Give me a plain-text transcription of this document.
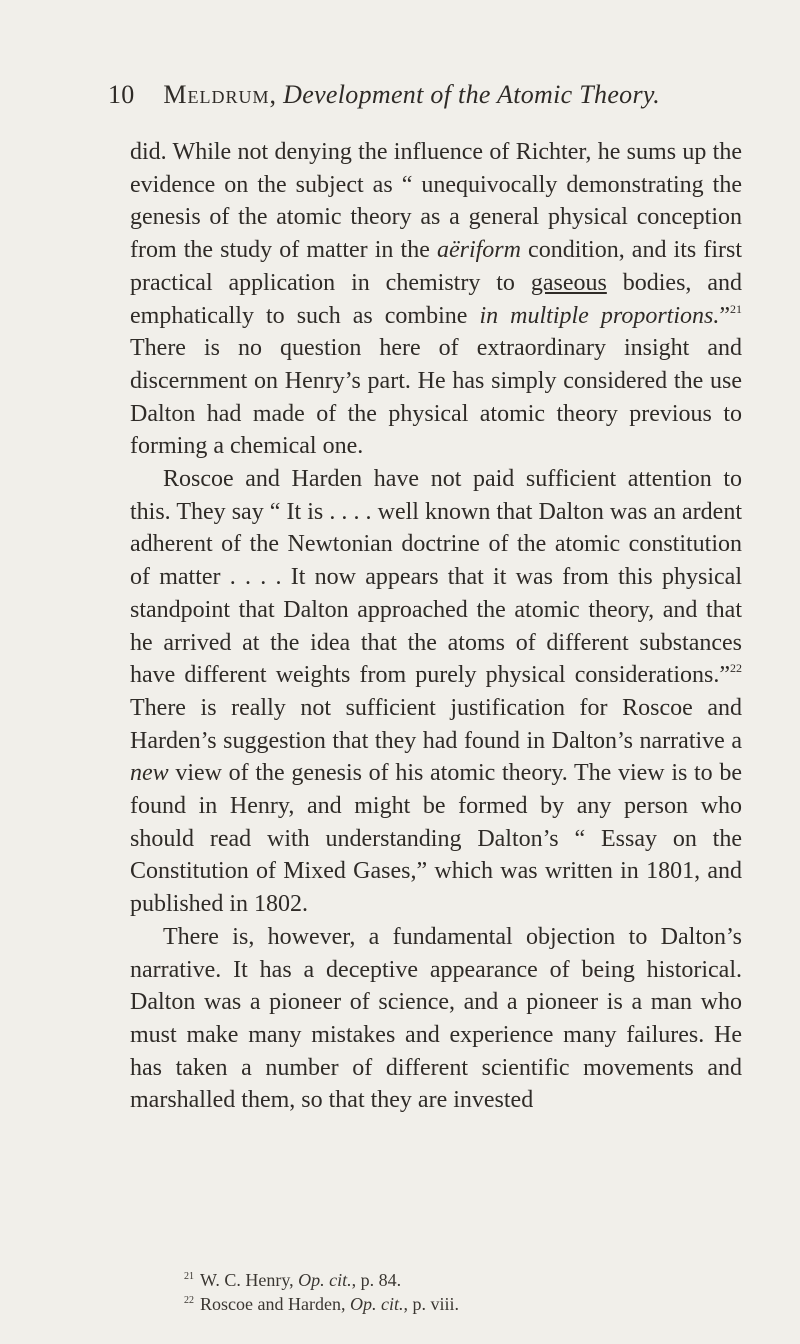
10 Meldrum, Development of the Atomic Theory.

did. While not denying the influence of Richter, he sums up the evidence on the subject as “ unequivocally demonstrating the genesis of the atomic theory as a general physical conception from the study of matter in the aëriform condition, and its first practical application in chemistry to gaseous bodies, and emphatically to such as combine in multiple proportions.”$^{21}$ There is no question here of extraordinary insight and discernment on Henry’s part. He has simply considered the use Dalton had made of the physical atomic theory previous to forming a chemical one.

Roscoe and Harden have not paid sufficient attention to this. They say “ It is . . . . well known that Dalton was an ardent adherent of the Newtonian doctrine of the atomic constitution of matter . . . . It now appears that it was from this physical standpoint that Dalton approached the atomic theory, and that he arrived at the idea that the atoms of different substances have different weights from purely physical considerations.”$^{22}$ There is really not sufficient justification for Roscoe and Harden’s suggestion that they had found in Dalton’s narrative a new view of the genesis of his atomic theory. The view is to be found in Henry, and might be formed by any person who should read with understanding Dalton’s “ Essay on the Constitution of Mixed Gases,” which was written in 1801, and published in 1802.

There is, however, a fundamental objection to Dalton’s narrative. It has a deceptive appearance of being historical. Dalton was a pioneer of science, and a pioneer is a man who must make many mistakes and experience many failures. He has taken a number of different scientific movements and marshalled them, so that they are invested

$^{21}$ W. C. Henry, Op. cit., p. 84.
$^{22}$ Roscoe and Harden, Op. cit., p. viii.
